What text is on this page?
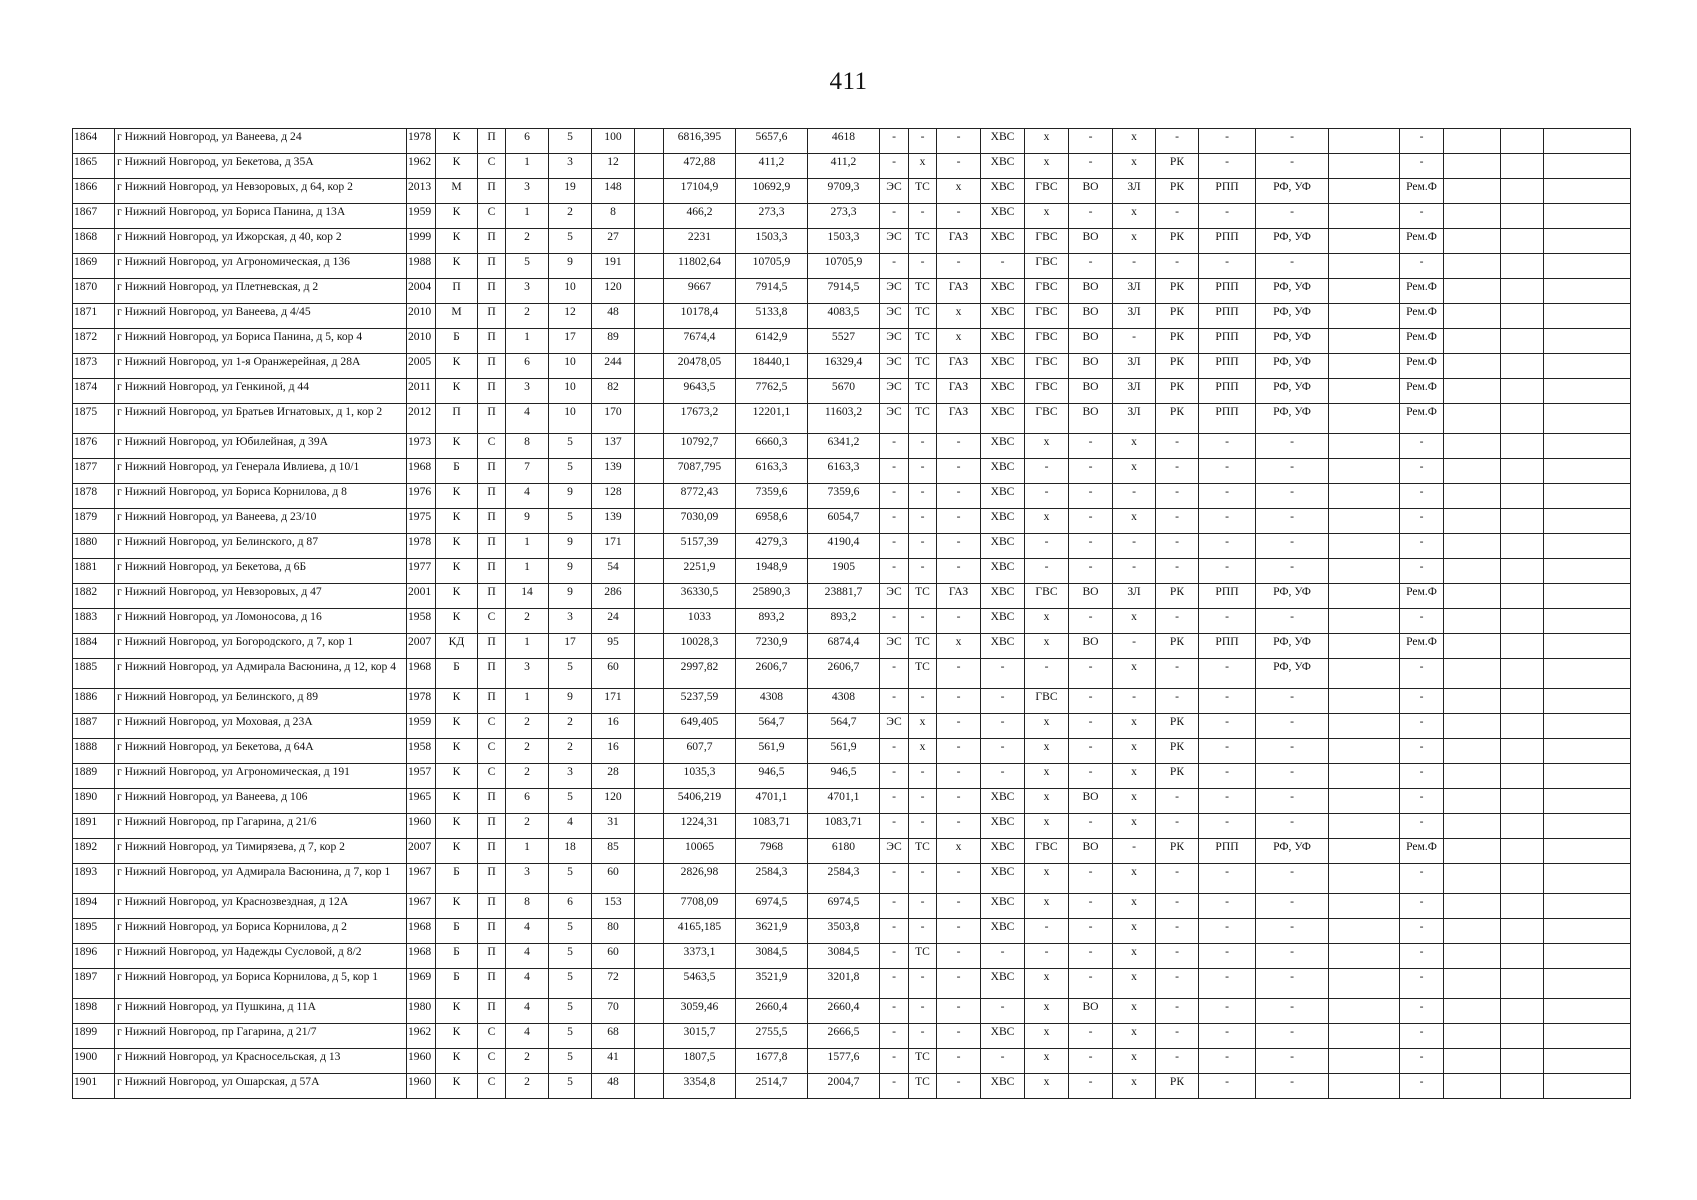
411
1864	г Нижний Новгород, ул Ванеева, д 24	1978	К	П	6	5	100		6816,395	5657,6	4618	-	-	-	ХВС	х	-	х	-	-	-		-			
1865	г Нижний Новгород, ул Бекетова, д 35А	1962	К	С	1	3	12		472,88	411,2	411,2	-	х	-	ХВС	х	-	х	РК	-	-		-			
1866	г Нижний Новгород, ул Невзоровых, д 64, кор 2	2013	М	П	3	19	148		17104,9	10692,9	9709,3	ЭС	ТС	х	ХВС	ГВС	ВО	ЗЛ	РК	РПП	РФ, УФ		Рем.Ф			
1867	г Нижний Новгород, ул Бориса Панина, д 13А	1959	К	С	1	2	8		466,2	273,3	273,3	-	-	-	ХВС	х	-	х	-	-	-		-			
1868	г Нижний Новгород, ул Ижорская, д 40, кор 2	1999	К	П	2	5	27		2231	1503,3	1503,3	ЭС	ТС	ГАЗ	ХВС	ГВС	ВО	х	РК	РПП	РФ, УФ		Рем.Ф			
1869	г Нижний Новгород, ул Агрономическая, д 136	1988	К	П	5	9	191		11802,64	10705,9	10705,9	-	-	-	-	ГВС	-	-	-	-	-		-			
1870	г Нижний Новгород, ул Плетневская, д 2	2004	П	П	3	10	120		9667	7914,5	7914,5	ЭС	ТС	ГАЗ	ХВС	ГВС	ВО	ЗЛ	РК	РПП	РФ, УФ		Рем.Ф			
1871	г Нижний Новгород, ул Ванеева, д 4/45	2010	М	П	2	12	48		10178,4	5133,8	4083,5	ЭС	ТС	х	ХВС	ГВС	ВО	ЗЛ	РК	РПП	РФ, УФ		Рем.Ф			
1872	г Нижний Новгород, ул Бориса Панина, д 5, кор 4	2010	Б	П	1	17	89		7674,4	6142,9	5527	ЭС	ТС	х	ХВС	ГВС	ВО	-	РК	РПП	РФ, УФ		Рем.Ф			
1873	г Нижний Новгород, ул 1-я Оранжерейная, д 28А	2005	К	П	6	10	244		20478,05	18440,1	16329,4	ЭС	ТС	ГАЗ	ХВС	ГВС	ВО	ЗЛ	РК	РПП	РФ, УФ		Рем.Ф			
1874	г Нижний Новгород, ул Генкиной, д 44	2011	К	П	3	10	82		9643,5	7762,5	5670	ЭС	ТС	ГАЗ	ХВС	ГВС	ВО	ЗЛ	РК	РПП	РФ, УФ		Рем.Ф			
1875	г Нижний Новгород, ул Братьев Игнатовых, д 1, кор 2	2012	П	П	4	10	170		17673,2	12201,1	11603,2	ЭС	ТС	ГАЗ	ХВС	ГВС	ВО	ЗЛ	РК	РПП	РФ, УФ		Рем.Ф			
1876	г Нижний Новгород, ул Юбилейная, д 39А	1973	К	С	8	5	137		10792,7	6660,3	6341,2	-	-	-	ХВС	х	-	х	-	-	-		-			
1877	г Нижний Новгород, ул Генерала Ивлиева, д 10/1	1968	Б	П	7	5	139		7087,795	6163,3	6163,3	-	-	-	ХВС	-	-	х	-	-	-		-			
1878	г Нижний Новгород, ул Бориса Корнилова, д 8	1976	К	П	4	9	128		8772,43	7359,6	7359,6	-	-	-	ХВС	-	-	-	-	-	-		-			
1879	г Нижний Новгород, ул Ванеева, д 23/10	1975	К	П	9	5	139		7030,09	6958,6	6054,7	-	-	-	ХВС	х	-	х	-	-	-		-			
1880	г Нижний Новгород, ул Белинского, д 87	1978	К	П	1	9	171		5157,39	4279,3	4190,4	-	-	-	ХВС	-	-	-	-	-	-		-			
1881	г Нижний Новгород, ул Бекетова, д 6Б	1977	К	П	1	9	54		2251,9	1948,9	1905	-	-	-	ХВС	-	-	-	-	-	-		-			
1882	г Нижний Новгород, ул Невзоровых, д 47	2001	К	П	14	9	286		36330,5	25890,3	23881,7	ЭС	ТС	ГАЗ	ХВС	ГВС	ВО	ЗЛ	РК	РПП	РФ, УФ		Рем.Ф			
1883	г Нижний Новгород, ул Ломоносова, д 16	1958	К	С	2	3	24		1033	893,2	893,2	-	-	-	ХВС	х	-	х	-	-	-		-			
1884	г Нижний Новгород, ул Богородского, д 7, кор 1	2007	КД	П	1	17	95		10028,3	7230,9	6874,4	ЭС	ТС	х	ХВС	х	ВО	-	РК	РПП	РФ, УФ		Рем.Ф			
1885	г Нижний Новгород, ул Адмирала Васюнина, д 12, кор 4	1968	Б	П	3	5	60		2997,82	2606,7	2606,7	-	ТС	-	-	-	-	х	-	-	РФ, УФ		-			
1886	г Нижний Новгород, ул Белинского, д 89	1978	К	П	1	9	171		5237,59	4308	4308	-	-	-	-	ГВС	-	-	-	-	-		-			
1887	г Нижний Новгород, ул Моховая, д 23А	1959	К	С	2	2	16		649,405	564,7	564,7	ЭС	х	-	-	х	-	х	РК	-	-		-			
1888	г Нижний Новгород, ул Бекетова, д 64А	1958	К	С	2	2	16		607,7	561,9	561,9	-	х	-	-	х	-	х	РК	-	-		-			
1889	г Нижний Новгород, ул Агрономическая, д 191	1957	К	С	2	3	28		1035,3	946,5	946,5	-	-	-	-	х	-	х	РК	-	-		-			
1890	г Нижний Новгород, ул Ванеева, д 106	1965	К	П	6	5	120		5406,219	4701,1	4701,1	-	-	-	ХВС	х	ВО	х	-	-	-		-			
1891	г Нижний Новгород, пр Гагарина, д 21/6	1960	К	П	2	4	31		1224,31	1083,71	1083,71	-	-	-	ХВС	х	-	х	-	-	-		-			
1892	г Нижний Новгород, ул Тимирязева, д 7, кор 2	2007	К	П	1	18	85		10065	7968	6180	ЭС	ТС	х	ХВС	ГВС	ВО	-	РК	РПП	РФ, УФ		Рем.Ф			
1893	г Нижний Новгород, ул Адмирала Васюнина, д 7, кор 1	1967	Б	П	3	5	60		2826,98	2584,3	2584,3	-	-	-	ХВС	х	-	х	-	-	-		-			
1894	г Нижний Новгород, ул Краснозвездная, д 12А	1967	К	П	8	6	153		7708,09	6974,5	6974,5	-	-	-	ХВС	х	-	х	-	-	-		-			
1895	г Нижний Новгород, ул Бориса Корнилова, д 2	1968	Б	П	4	5	80		4165,185	3621,9	3503,8	-	-	-	ХВС	-	-	х	-	-	-		-			
1896	г Нижний Новгород, ул Надежды Сусловой, д 8/2	1968	Б	П	4	5	60		3373,1	3084,5	3084,5	-	ТС	-	-	-	-	х	-	-	-		-			
1897	г Нижний Новгород, ул Бориса Корнилова, д 5, кор 1	1969	Б	П	4	5	72		5463,5	3521,9	3201,8	-	-	-	ХВС	х	-	х	-	-	-		-			
1898	г Нижний Новгород, ул Пушкина, д 11А	1980	К	П	4	5	70		3059,46	2660,4	2660,4	-	-	-	-	х	ВО	х	-	-	-		-			
1899	г Нижний Новгород, пр Гагарина, д 21/7	1962	К	С	4	5	68		3015,7	2755,5	2666,5	-	-	-	ХВС	х	-	х	-	-	-		-			
1900	г Нижний Новгород, ул Красносельская, д 13	1960	К	С	2	5	41		1807,5	1677,8	1577,6	-	ТС	-	-	х	-	х	-	-	-		-			
1901	г Нижний Новгород, ул Ошарская, д 57А	1960	К	С	2	5	48		3354,8	2514,7	2004,7	-	ТС	-	ХВС	х	-	х	РК	-	-		-			
